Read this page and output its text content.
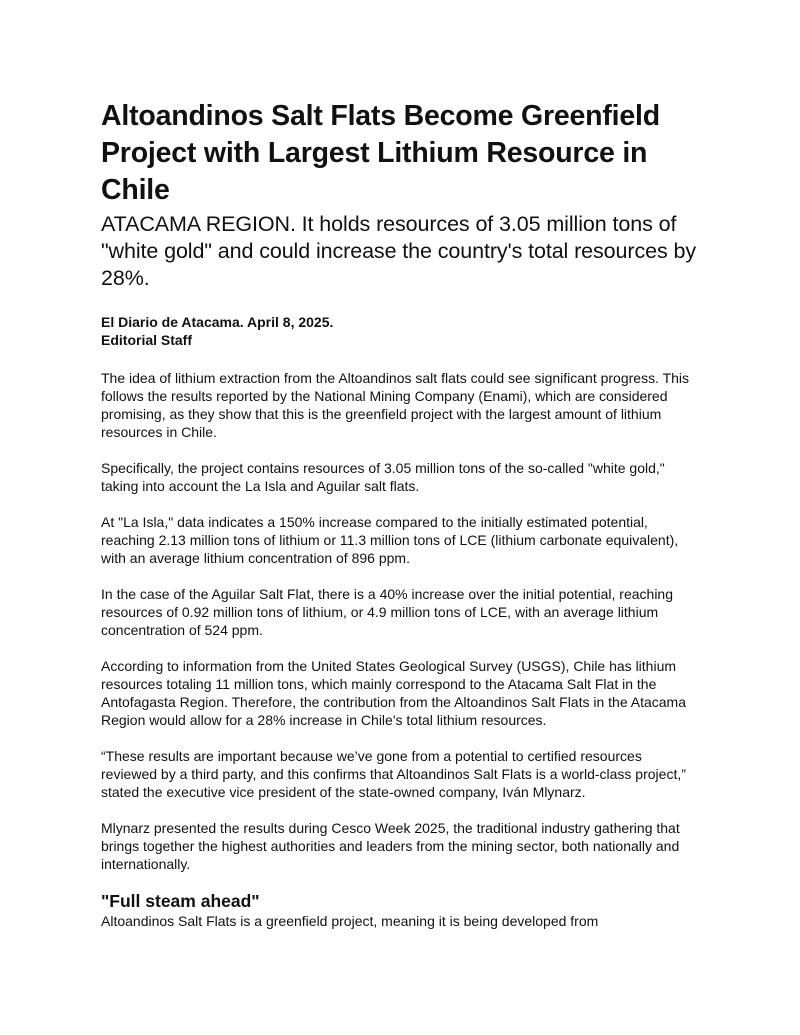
Altoandinos Salt Flats Become Greenfield Project with Largest Lithium Resource in Chile

ATACAMA REGION. It holds resources of 3.05 million tons of "white gold" and could increase the country's total resources by 28%.

El Diario de Atacama. April 8, 2025.
Editorial Staff

The idea of lithium extraction from the Altoandinos salt flats could see significant progress. This follows the results reported by the National Mining Company (Enami), which are considered promising, as they show that this is the greenfield project with the largest amount of lithium resources in Chile.

Specifically, the project contains resources of 3.05 million tons of the so-called "white gold," taking into account the La Isla and Aguilar salt flats.

At "La Isla," data indicates a 150% increase compared to the initially estimated potential, reaching 2.13 million tons of lithium or 11.3 million tons of LCE (lithium carbonate equivalent), with an average lithium concentration of 896 ppm.

In the case of the Aguilar Salt Flat, there is a 40% increase over the initial potential, reaching resources of 0.92 million tons of lithium, or 4.9 million tons of LCE, with an average lithium concentration of 524 ppm.

According to information from the United States Geological Survey (USGS), Chile has lithium resources totaling 11 million tons, which mainly correspond to the Atacama Salt Flat in the Antofagasta Region. Therefore, the contribution from the Altoandinos Salt Flats in the Atacama Region would allow for a 28% increase in Chile's total lithium resources.

“These results are important because we’ve gone from a potential to certified resources reviewed by a third party, and this confirms that Altoandinos Salt Flats is a world-class project,” stated the executive vice president of the state-owned company, Iván Mlynarz.

Mlynarz presented the results during Cesco Week 2025, the traditional industry gathering that brings together the highest authorities and leaders from the mining sector, both nationally and internationally.

"Full steam ahead"

Altoandinos Salt Flats is a greenfield project, meaning it is being developed from
